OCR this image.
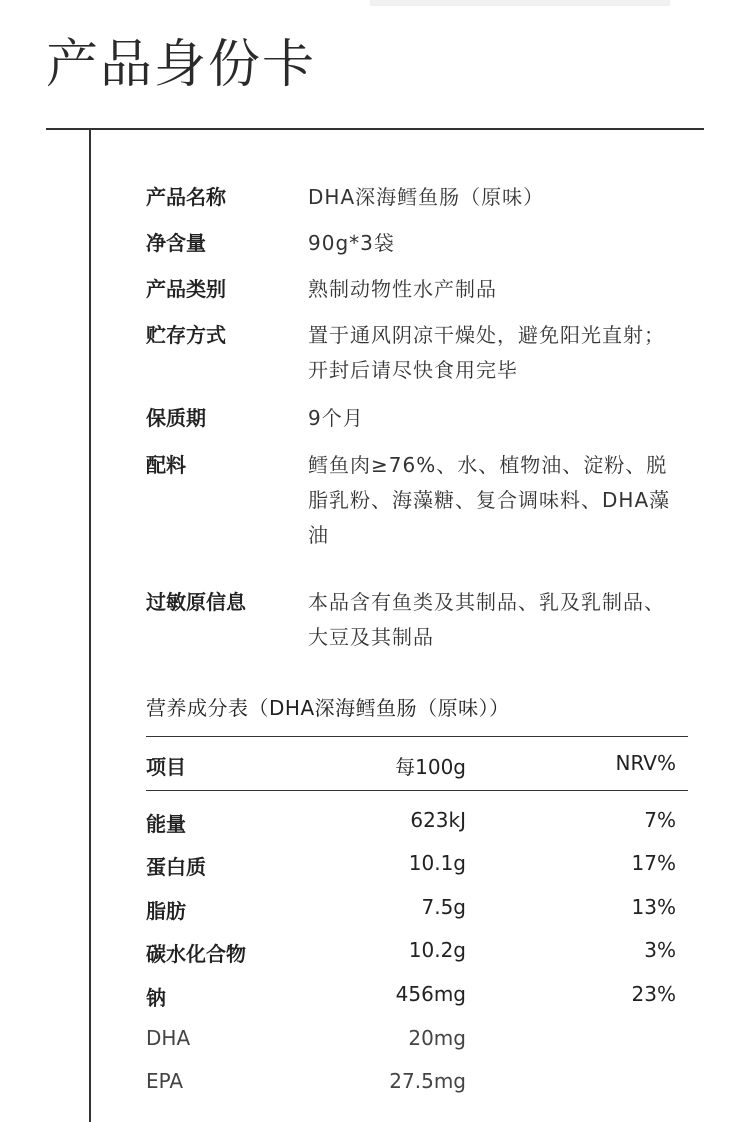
产品身份卡
产品名称	DHA深海鳕鱼肠（原味）
净含量	90g*3袋
产品类别	熟制动物性水产制品
贮存方式	置于通风阴凉干燥处，避免阳光直射；开封后请尽快食用完毕
保质期	9个月
配料	鳕鱼肉≥76%、水、植物油、淀粉、脱脂乳粉、海藻糖、复合调味料、DHA藻油
过敏原信息	本品含有鱼类及其制品、乳及乳制品、大豆及其制品
营养成分表（DHA深海鳕鱼肠（原味））
项目	每100g	NRV%
能量	623kJ	7%
蛋白质	10.1g	17%
脂肪	7.5g	13%
碳水化合物	10.2g	3%
钠	456mg	23%
DHA	20mg
EPA	27.5mg
